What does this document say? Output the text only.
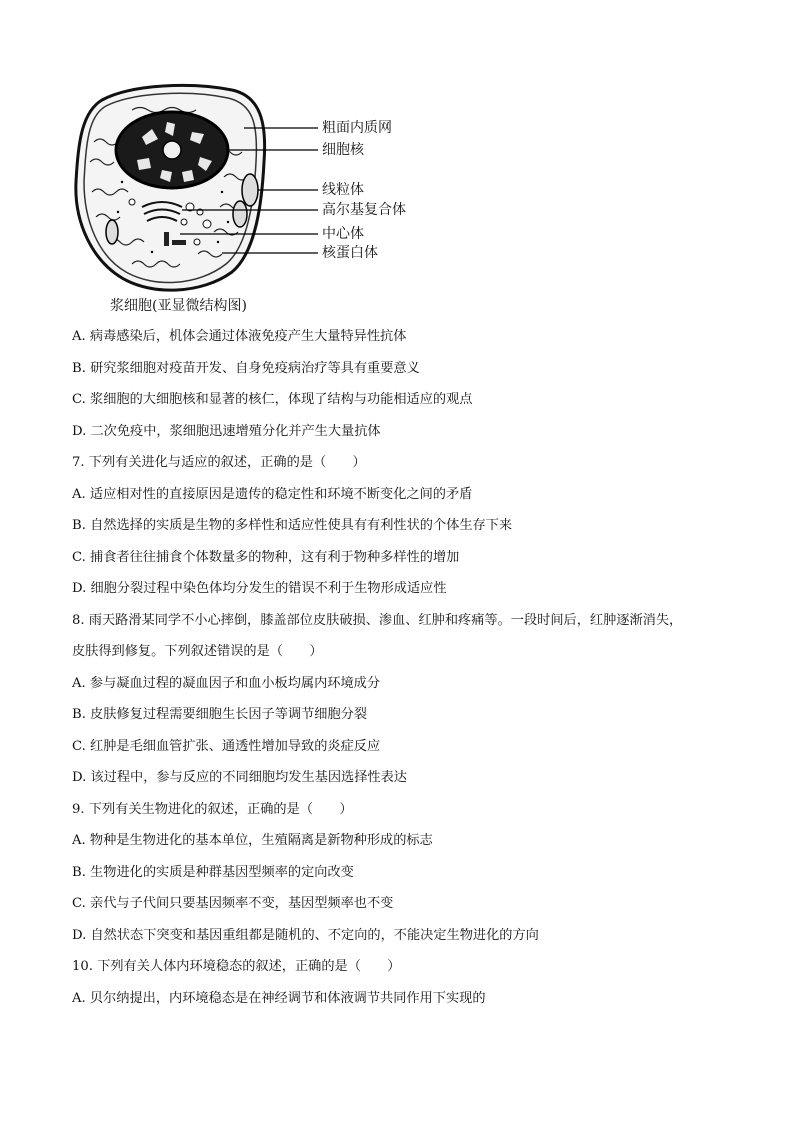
粗面内质网
细胞核
线粒体
高尔基复合体
中心体
核蛋白体
浆细胞(亚显微结构图)
A. 病毒感染后，机体会通过体液免疫产生大量特异性抗体
B. 研究浆细胞对疫苗开发、自身免疫病治疗等具有重要意义
C. 浆细胞的大细胞核和显著的核仁，体现了结构与功能相适应的观点
D. 二次免疫中，浆细胞迅速增殖分化并产生大量抗体
7. 下列有关进化与适应的叙述，正确的是（　　）
A. 适应相对性的直接原因是遗传的稳定性和环境不断变化之间的矛盾
B. 自然选择的实质是生物的多样性和适应性使具有有利性状的个体生存下来
C. 捕食者往往捕食个体数量多的物种，这有利于物种多样性的增加
D. 细胞分裂过程中染色体均分发生的错误不利于生物形成适应性
8. 雨天路滑某同学不小心摔倒，膝盖部位皮肤破损、渗血、红肿和疼痛等。一段时间后，红肿逐渐消失，
皮肤得到修复。下列叙述错误的是（　　）
A. 参与凝血过程的凝血因子和血小板均属内环境成分
B. 皮肤修复过程需要细胞生长因子等调节细胞分裂
C. 红肿是毛细血管扩张、通透性增加导致的炎症反应
D. 该过程中，参与反应的不同细胞均发生基因选择性表达
9. 下列有关生物进化的叙述，正确的是（　　）
A. 物种是生物进化的基本单位，生殖隔离是新物种形成的标志
B. 生物进化的实质是种群基因型频率的定向改变
C. 亲代与子代间只要基因频率不变，基因型频率也不变
D. 自然状态下突变和基因重组都是随机的、不定向的，不能决定生物进化的方向
10. 下列有关人体内环境稳态的叙述，正确的是（　　）
A. 贝尔纳提出，内环境稳态是在神经调节和体液调节共同作用下实现的
